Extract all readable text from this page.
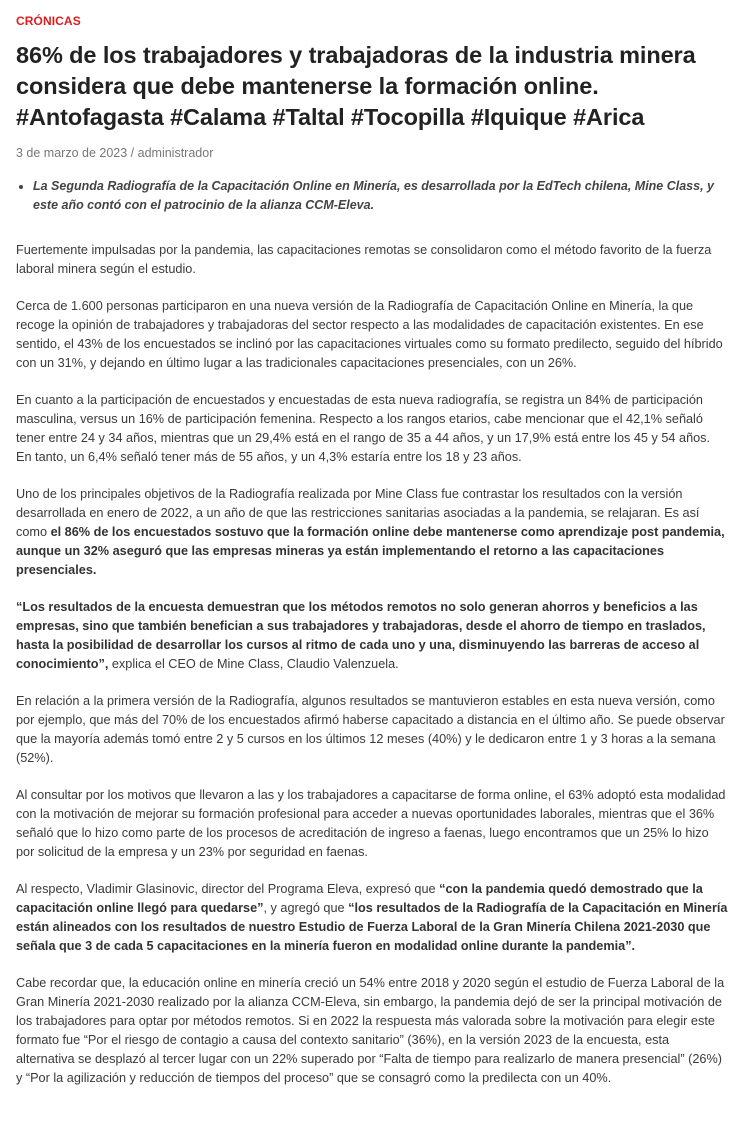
CRÓNICAS
86% de los trabajadores y trabajadoras de la industria minera considera que debe mantenerse la formación online. #Antofagasta #Calama #Taltal #Tocopilla #Iquique #Arica
3 de marzo de 2023 / administrador
• La Segunda Radiografía de la Capacitación Online en Minería, es desarrollada por la EdTech chilena, Mine Class, y este año contó con el patrocinio de la alianza CCM-Eleva.

Fuertemente impulsadas por la pandemia, las capacitaciones remotas se consolidaron como el método favorito de la fuerza laboral minera según el estudio.

Cerca de 1.600 personas participaron en una nueva versión de la Radiografía de Capacitación Online en Minería, la que recoge la opinión de trabajadores y trabajadoras del sector respecto a las modalidades de capacitación existentes. En ese sentido, el 43% de los encuestados se inclinó por las capacitaciones virtuales como su formato predilecto, seguido del híbrido con un 31%, y dejando en último lugar a las tradicionales capacitaciones presenciales, con un 26%.

En cuanto a la participación de encuestados y encuestadas de esta nueva radiografía, se registra un 84% de participación masculina, versus un 16% de participación femenina. Respecto a los rangos etarios, cabe mencionar que el 42,1% señaló tener entre 24 y 34 años, mientras que un 29,4% está en el rango de 35 a 44 años, y un 17,9% está entre los 45 y 54 años. En tanto, un 6,4% señaló tener más de 55 años, y un 4,3% estaría entre los 18 y 23 años.

Uno de los principales objetivos de la Radiografía realizada por Mine Class fue contrastar los resultados con la versión desarrollada en enero de 2022, a un año de que las restricciones sanitarias asociadas a la pandemia, se relajaran. Es así como el 86% de los encuestados sostuvo que la formación online debe mantenerse como aprendizaje post pandemia, aunque un 32% aseguró que las empresas mineras ya están implementando el retorno a las capacitaciones presenciales.

“Los resultados de la encuesta demuestran que los métodos remotos no solo generan ahorros y beneficios a las empresas, sino que también benefician a sus trabajadores y trabajadoras, desde el ahorro de tiempo en traslados, hasta la posibilidad de desarrollar los cursos al ritmo de cada uno y una, disminuyendo las barreras de acceso al conocimiento”, explica el CEO de Mine Class, Claudio Valenzuela.

En relación a la primera versión de la Radiografía, algunos resultados se mantuvieron estables en esta nueva versión, como por ejemplo, que más del 70% de los encuestados afirmó haberse capacitado a distancia en el último año. Se puede observar que la mayoría además tomó entre 2 y 5 cursos en los últimos 12 meses (40%) y le dedicaron entre 1 y 3 horas a la semana (52%).

Al consultar por los motivos que llevaron a las y los trabajadores a capacitarse de forma online, el 63% adoptó esta modalidad con la motivación de mejorar su formación profesional para acceder a nuevas oportunidades laborales, mientras que el 36% señaló que lo hizo como parte de los procesos de acreditación de ingreso a faenas, luego encontramos que un 25% lo hizo por solicitud de la empresa y un 23% por seguridad en faenas.

Al respecto, Vladimir Glasinovic, director del Programa Eleva, expresó que “con la pandemia quedó demostrado que la capacitación online llegó para quedarse”, y agregó que “los resultados de la Radiografía de la Capacitación en Minería están alineados con los resultados de nuestro Estudio de Fuerza Laboral de la Gran Minería Chilena 2021-2030 que señala que 3 de cada 5 capacitaciones en la minería fueron en modalidad online durante la pandemia”.

Cabe recordar que, la educación online en minería creció un 54% entre 2018 y 2020 según el estudio de Fuerza Laboral de la Gran Minería 2021-2030 realizado por la alianza CCM-Eleva, sin embargo, la pandemia dejó de ser la principal motivación de los trabajadores para optar por métodos remotos. Si en 2022 la respuesta más valorada sobre la motivación para elegir este formato fue “Por el riesgo de contagio a causa del contexto sanitario” (36%), en la versión 2023 de la encuesta, esta alternativa se desplazó al tercer lugar con un 22% superado por “Falta de tiempo para realizarlo de manera presencial” (26%) y “Por la agilización y reducción de tiempos del proceso” que se consagró como la predilecta con un 40%.
